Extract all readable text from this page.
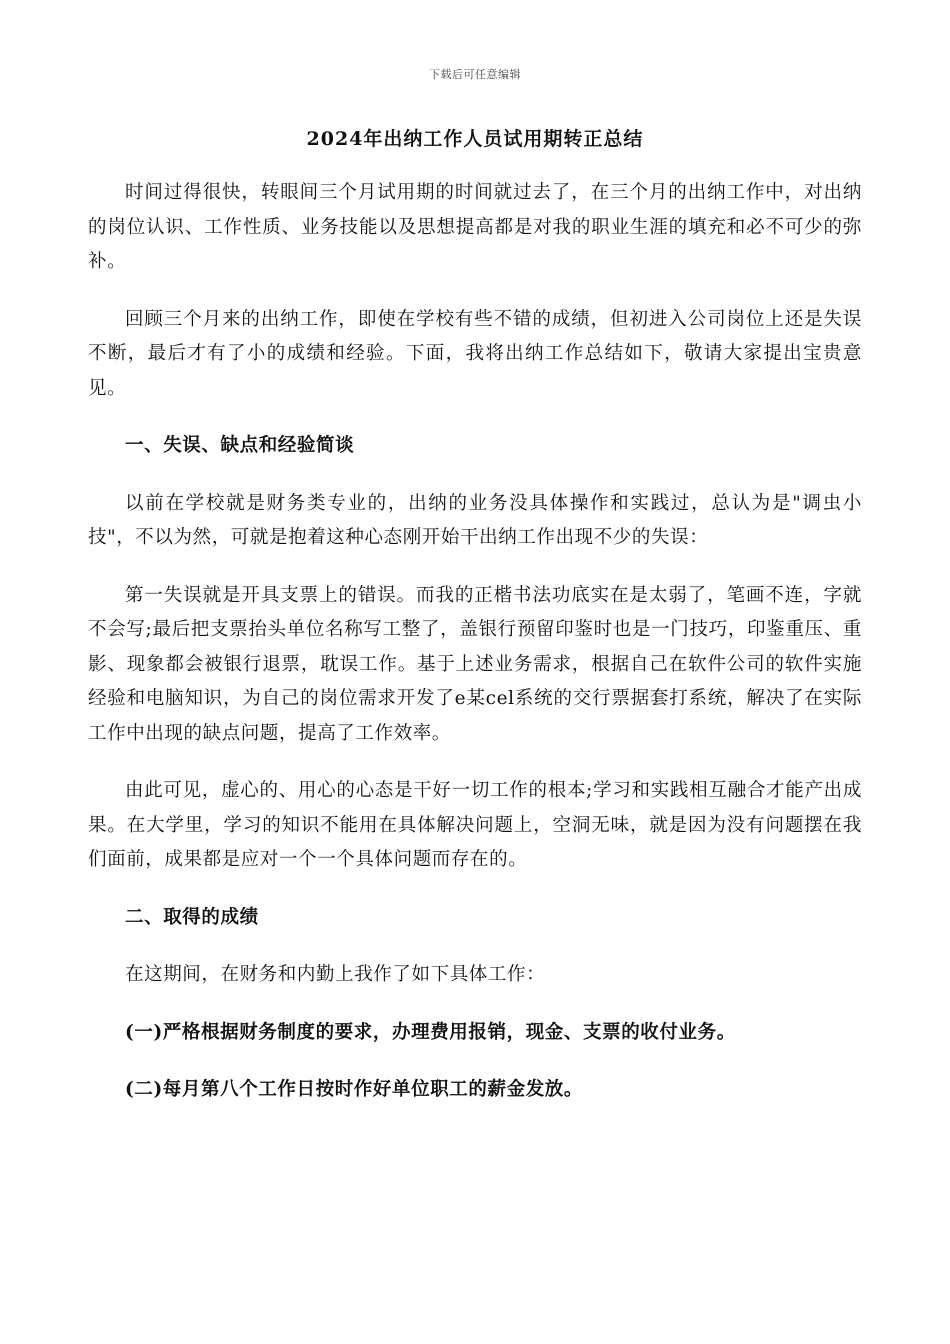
下载后可任意编辑
2024年出纳工作人员试用期转正总结

时间过得很快，转眼间三个月试用期的时间就过去了，在三个月的出纳工作中，对出纳的岗位认识、工作性质、业务技能以及思想提高都是对我的职业生涯的填充和必不可少的弥补。

回顾三个月来的出纳工作，即使在学校有些不错的成绩，但初进入公司岗位上还是失误不断，最后才有了小的成绩和经验。下面，我将出纳工作总结如下，敬请大家提出宝贵意见。

一、失误、缺点和经验简谈

以前在学校就是财务类专业的，出纳的业务没具体操作和实践过，总认为是"调虫小技"，不以为然，可就是抱着这种心态刚开始干出纳工作出现不少的失误：

第一失误就是开具支票上的错误。而我的正楷书法功底实在是太弱了，笔画不连，字就不会写;最后把支票抬头单位名称写工整了，盖银行预留印鉴时也是一门技巧，印鉴重压、重影、现象都会被银行退票，耽误工作。基于上述业务需求，根据自己在软件公司的软件实施经验和电脑知识，为自己的岗位需求开发了e某cel系统的交行票据套打系统，解决了在实际工作中出现的缺点问题，提高了工作效率。

由此可见，虚心的、用心的心态是干好一切工作的根本;学习和实践相互融合才能产出成果。在大学里，学习的知识不能用在具体解决问题上，空洞无味，就是因为没有问题摆在我们面前，成果都是应对一个一个具体问题而存在的。

二、取得的成绩

在这期间，在财务和内勤上我作了如下具体工作：

(一)严格根据财务制度的要求，办理费用报销，现金、支票的收付业务。

(二)每月第八个工作日按时作好单位职工的薪金发放。
